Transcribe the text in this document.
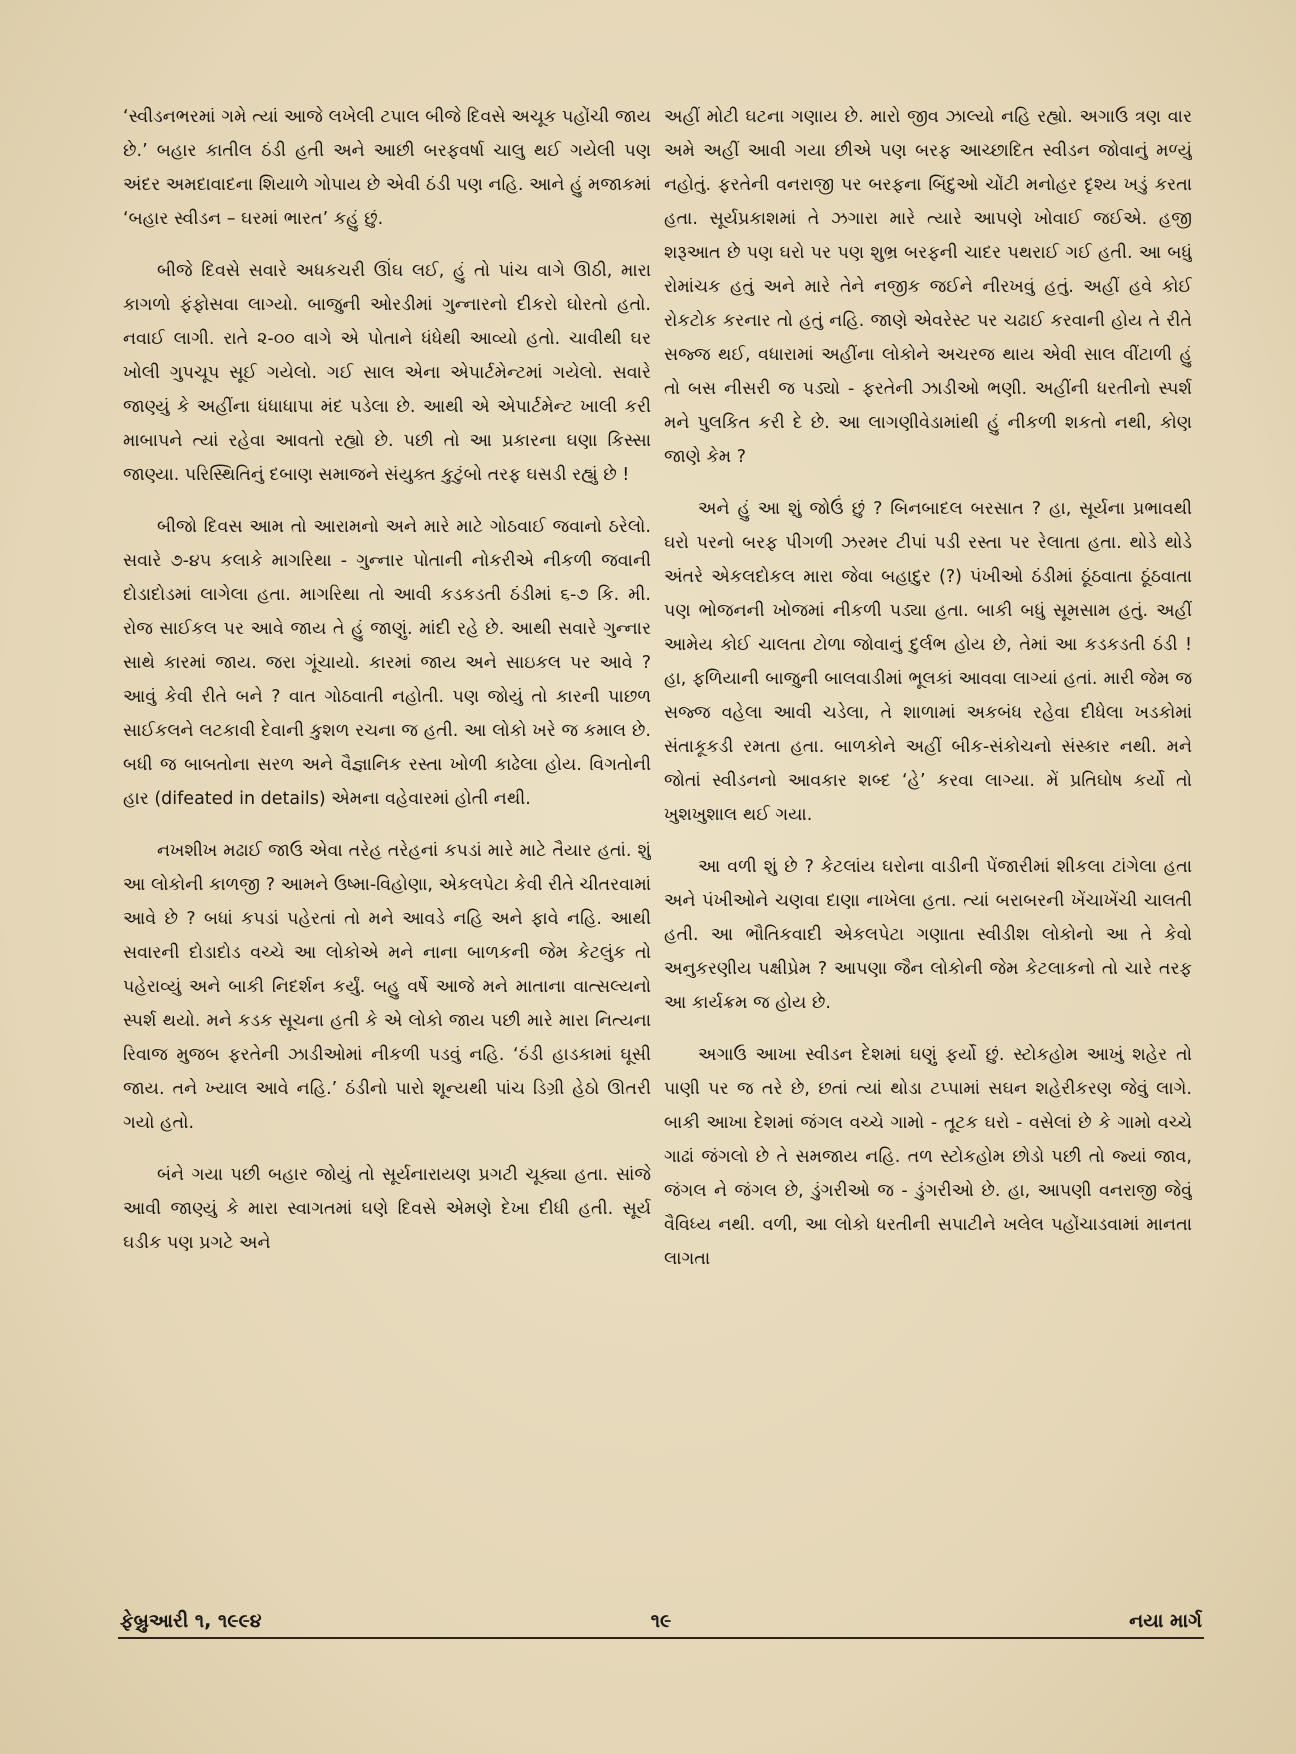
‘સ્વીડનભરમાં ગમે ત્યાં આજે લખેલી ટપાલ બીજે દિવસે અચૂક પહોંચી જાય છે.’ બહાર કાતીલ ઠંડી હતી અને આછી બરફવર્ષા ચાલુ થઈ ગયેલી પણ અંદર અમદાવાદના શિયાળે ગોપાય છે એવી ઠંડી પણ નહિ. આને હું મજાકમાં ‘બહાર સ્વીડન – ઘરમાં ભારત’ કહું છું.

બીજે દિવસે સવારે અધકચરી ઊંઘ લઈ, હું તો પાંચ વાગે ઊઠી, મારા કાગળો ફંફોસવા લાગ્યો. બાજુની ઓરડીમાં ગુન્નારનો દીકરો ઘોરતો હતો. નવાઈ લાગી. રાતે ૨-૦૦ વાગે એ પોતાને ધંધેથી આવ્યો હતો. ચાવીથી ઘર ખોલી ગુપચૂપ સૂઈ ગયેલો. ગઈ સાલ એના એપાર્ટમેન્ટમાં ગયેલો. સવારે જાણ્યું કે અહીંના ધંધાધાપા મંદ પડેલા છે. આથી એ એપાર્ટમેન્ટ ખાલી કરી માબાપને ત્યાં રહેવા આવતો રહ્યો છે. પછી તો આ પ્રકારના ઘણા કિસ્સા જાણ્યા. પરિસ્થિતિનું દબાણ સમાજને સંયુક્ત કુટુંબો તરફ ઘસડી રહ્યું છે !

બીજો દિવસ આમ તો આરામનો અને મારે માટે ગોઠવાઈ જવાનો ઠરેલો. સવારે ૭-૪૫ કલાકે માગરિથા - ગુન્નાર પોતાની નોકરીએ નીકળી જવાની દોડાદોડમાં લાગેલા હતા. માગરિથા તો આવી કડકડતી ઠંડીમાં ૬-૭ કિ. મી. રોજ સાઈકલ પર આવે જાય તે હું જાણું. માંદી રહે છે. આથી સવારે ગુન્નાર સાથે કારમાં જાય. જરા ગૂંચાયો. કારમાં જાય અને સાઇકલ પર આવે ? આવું કેવી રીતે બને ? વાત ગોઠવાતી નહોતી. પણ જોયું તો કારની પાછળ સાઈકલને લટકાવી દેવાની કુશળ રચના જ હતી. આ લોકો ખરે જ કમાલ છે. બધી જ બાબતોના સરળ અને વૈજ્ઞાનિક રસ્તા ખોળી કાઢેલા હોય. વિગતોની હાર (difeated in details) એમના વહેવારમાં હોતી નથી.

નખશીખ મઢાઈ જાઉ એવા તરેહ તરેહનાં કપડાં મારે માટે તૈયાર હતાં. શું આ લોકોની કાળજી ? આમને ઉષ્મા-વિહોણા, એકલપેટા કેવી રીતે ચીતરવામાં આવે છે ? બધાં કપડાં પહેરતાં તો મને આવડે નહિ અને ફાવે નહિ. આથી સવારની દોડાદોડ વચ્ચે આ લોકોએ મને નાના બાળકની જેમ કેટલુંક તો પહેરાવ્યું અને બાકી નિદર્શન કર્યું. બહુ વર્ષે આજે મને માતાના વાત્સલ્યનો સ્પર્શ થયો. મને કડક સૂચના હતી કે એ લોકો જાય પછી મારે મારા નિત્યના રિવાજ મુજબ ફરતેની ઝાડીઓમાં નીકળી પડવું નહિ. ‘ઠંડી હાડકામાં ઘૂસી જાય. તને ખ્યાલ આવે નહિ.’ ઠંડીનો પારો શૂન્યથી પાંચ ડિગ્રી હેઠો ઊતરી ગયો હતો.

બંને ગયા પછી બહાર જોયું તો સૂર્યનારાયણ પ્રગટી ચૂક્યા હતા. સાંજે આવી જાણ્યું કે મારા સ્વાગતમાં ઘણે દિવસે એમણે દેખા દીધી હતી. સૂર્ય ઘડીક પણ પ્રગટે અને

અહીં મોટી ઘટના ગણાય છે. મારો જીવ ઝાલ્યો નહિ રહ્યો. અગાઉ ત્રણ વાર અમે અહીં આવી ગયા છીએ પણ બરફ આચ્છાદિત સ્વીડન જોવાનું મળ્યું નહોતું. ફરતેની વનરાજી પર બરફના બિંદુઓ ચોંટી મનોહર દૃશ્ય ખડું કરતા હતા. સૂર્યપ્રકાશમાં તે ઝગારા મારે ત્યારે આપણે ખોવાઈ જઈએ. હજી શરૂઆત છે પણ ઘરો પર પણ શુભ્ર બરફની ચાદર પથરાઈ ગઈ હતી. આ બધું રોમાંચક હતું અને મારે તેને નજીક જઈને નીરખવું હતું. અહીં હવે કોઈ રોકટોક કરનાર તો હતું નહિ. જાણે એવરેસ્ટ પર ચઢાઈ કરવાની હોય તે રીતે સજ્જ થઈ, વધારામાં અહીંના લોકોને અચરજ થાય એવી સાલ વીંટાળી હું તો બસ નીસરી જ પડ્યો - ફરતેની ઝાડીઓ ભણી. અહીંની ધરતીનો સ્પર્શ મને પુલકિત કરી દે છે. આ લાગણીવેડામાંથી હું નીકળી શકતો નથી, કોણ જાણે કેમ ?

અને હું આ શું જોઉં છું ? બિનબાદલ બરસાત ? હા, સૂર્યના પ્રભાવથી ઘરો પરનો બરફ પીગળી ઝરમર ટીપાં પડી રસ્તા પર રેલાતા હતા. થોડે થોડે અંતરે એકલદોકલ મારા જેવા બહાદુર (?) પંખીઓ ઠંડીમાં ઠૂંઠવાતા ઠૂંઠવાતા પણ ભોજનની ખોજમાં નીકળી પડ્યા હતા. બાકી બધું સૂમસામ હતું. અહીં આમેય કોઈ ચાલતા ટોળા જોવાનું દુર્લભ હોય છે, તેમાં આ કડકડતી ઠંડી ! હા, ફળિયાની બાજુની બાલવાડીમાં ભૂલકાં આવવા લાગ્યાં હતાં. મારી જેમ જ સજ્જ વહેલા આવી ચડેલા, તે શાળામાં અકબંધ રહેવા દીધેલા ખડકોમાં સંતાકૂકડી રમતા હતા. બાળકોને અહીં બીક-સંકોચનો સંસ્કાર નથી. મને જોતાં સ્વીડનનો આવકાર શબ્દ ‘હે’ કરવા લાગ્યા. મેં પ્રતિઘોષ કર્યો તો ખુશખુશાલ થઈ ગયા.

આ વળી શું છે ? કેટલાંય ઘરોના વાડીની પેંજારીમાં શીકલા ટાંગેલા હતા અને પંખીઓને ચણવા દાણા નાખેલા હતા. ત્યાં બરાબરની ખેંચાખેંચી ચાલતી હતી. આ ભૌતિકવાદી એકલપેટા ગણાતા સ્વીડીશ લોકોનો આ તે કેવો અનુકરણીય પક્ષીપ્રેમ ? આપણા જૈન લોકોની જેમ કેટલાકનો તો ચારે તરફ આ કાર્યક્રમ જ હોય છે.

અગાઉ આખા સ્વીડન દેશમાં ઘણું ફર્યો છું. સ્ટોકહોમ આખું શહેર તો પાણી પર જ તરે છે, છતાં ત્યાં થોડા ટપ્પામાં સઘન શહેરીકરણ જેવું લાગે. બાકી આખા દેશમાં જંગલ વચ્ચે ગામો - તૂટક ઘરો - વસેલાં છે કે ગામો વચ્ચે ગાઢાં જંગલો છે તે સમજાય નહિ. તળ સ્ટોકહોમ છોડો પછી તો જ્યાં જાવ, જંગલ ને જંગલ છે, ડુંગરીઓ જ - ડુંગરીઓ છે. હા, આપણી વનરાજી જેવું વૈવિધ્ય નથી. વળી, આ લોકો ધરતીની સપાટીને ખલેલ પહોંચાડવામાં માનતા લાગતા

ફેબ્રુઆરી ૧, ૧૯૯૪	૧૯	નયા માર્ગ
